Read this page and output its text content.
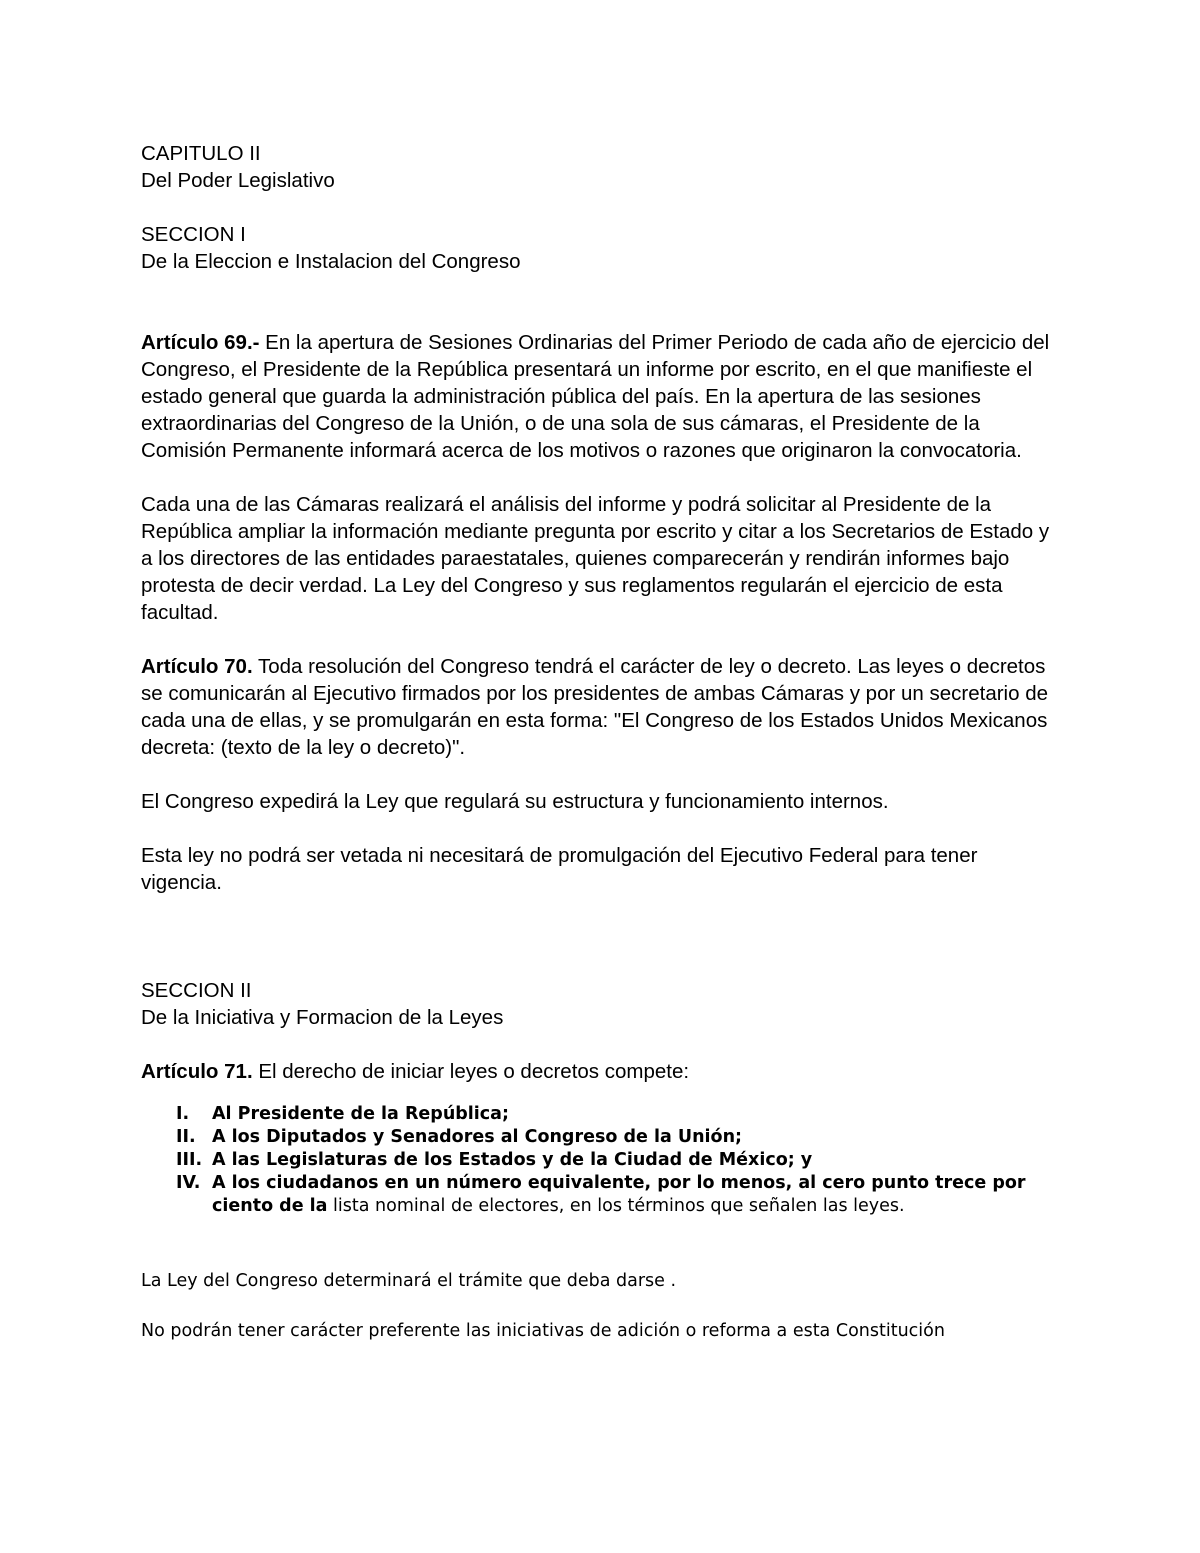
CAPITULO II
Del Poder Legislativo
SECCION I
De la Eleccion e Instalacion del Congreso

Artículo 69.- En la apertura de Sesiones Ordinarias del Primer Periodo de cada año de ejercicio del Congreso, el Presidente de la República presentará un informe por escrito, en el que manifieste el estado general que guarda la administración pública del país. En la apertura de las sesiones extraordinarias del Congreso de la Unión, o de una sola de sus cámaras, el Presidente de la Comisión Permanente informará acerca de los motivos o razones que originaron la convocatoria.

Cada una de las Cámaras realizará el análisis del informe y podrá solicitar al Presidente de la República ampliar la información mediante pregunta por escrito y citar a los Secretarios de Estado y a los directores de las entidades paraestatales, quienes comparecerán y rendirán informes bajo protesta de decir verdad. La Ley del Congreso y sus reglamentos regularán el ejercicio de esta facultad.

Artículo 70. Toda resolución del Congreso tendrá el carácter de ley o decreto. Las leyes o decretos se comunicarán al Ejecutivo firmados por los presidentes de ambas Cámaras y por un secretario de cada una de ellas, y se promulgarán en esta forma: "El Congreso de los Estados Unidos Mexicanos decreta: (texto de la ley o decreto)".

El Congreso expedirá la Ley que regulará su estructura y funcionamiento internos.

Esta ley no podrá ser vetada ni necesitará de promulgación del Ejecutivo Federal para tener vigencia.

SECCION II
De la Iniciativa y Formacion de la Leyes

Artículo 71. El derecho de iniciar leyes o decretos compete:

I.	Al Presidente de la República;
II. A los Diputados y Senadores al Congreso de la Unión;
III. A las Legislaturas de los Estados y de la Ciudad de México; y
IV. A los ciudadanos en un número equivalente, por lo menos, al cero punto trece por ciento de la lista nominal de electores, en los términos que señalen las leyes.

La Ley del Congreso determinará el trámite que deba darse .

No podrán tener carácter preferente las iniciativas de adición o reforma a esta Constitución
